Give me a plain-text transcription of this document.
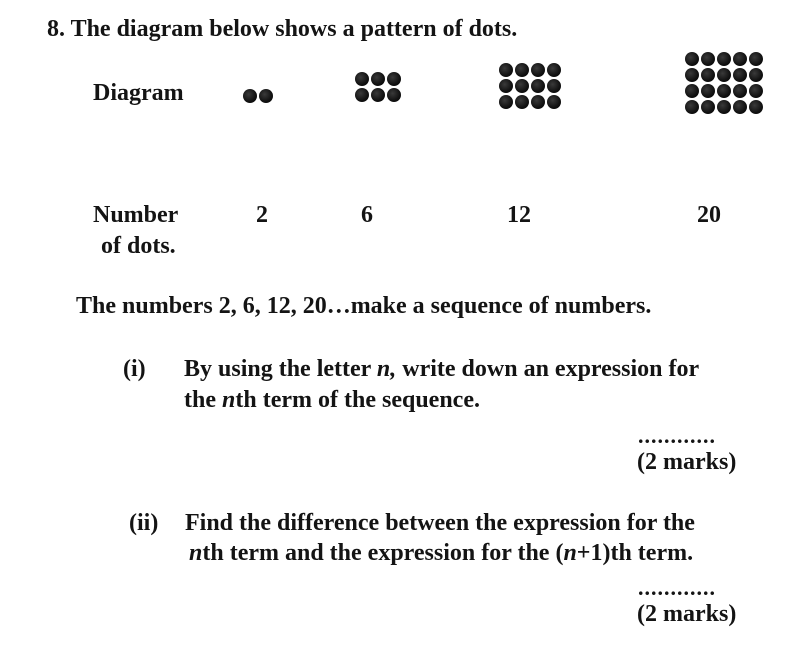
8. The diagram below shows a pattern of dots.
Diagram
Number
of dots.
2	6	12	20
The numbers 2, 6, 12, 20…make a sequence of numbers.
(i) By using the letter n, write down an expression for
the nth term of the sequence.
............
(2 marks)
(ii) Find the difference between the expression for the
nth term and the expression for the (n+1)th term.
............
(2 marks)
